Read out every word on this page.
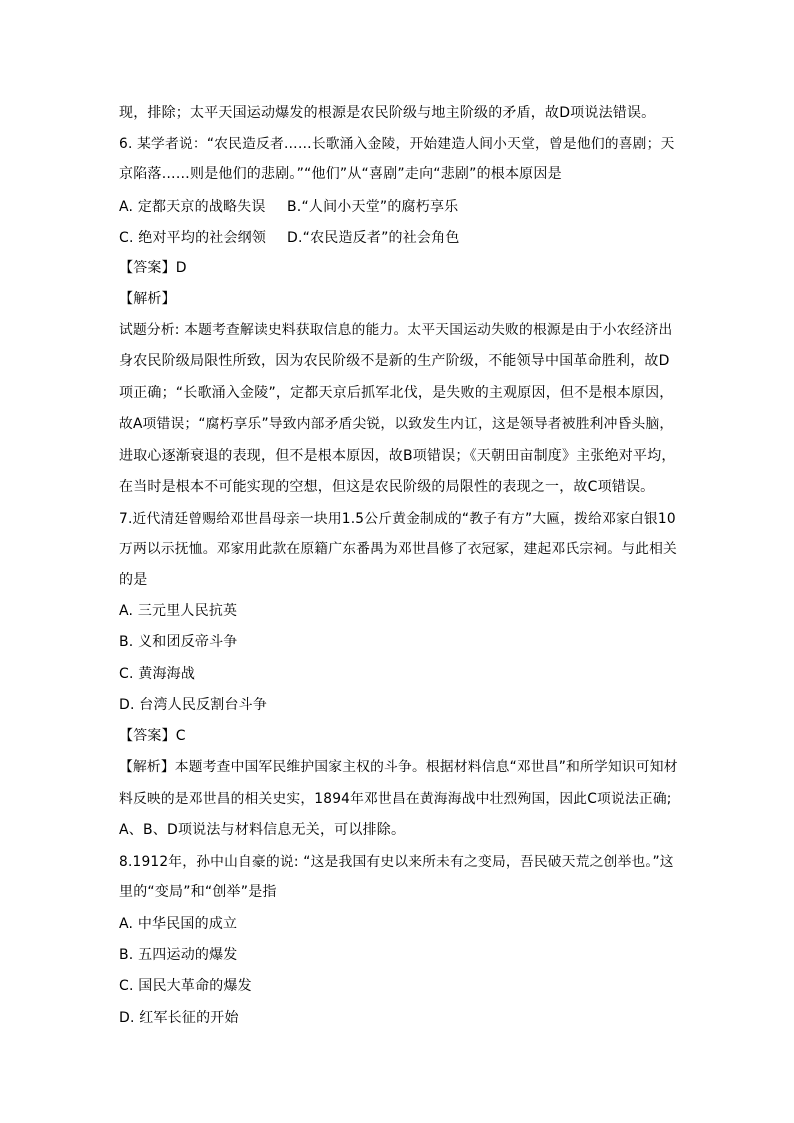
现，排除；太平天国运动爆发的根源是农民阶级与地主阶级的矛盾，故D项说法错误。
6. 某学者说：“农民造反者……长歌涌入金陵，开始建造人间小天堂，曾是他们的喜剧；天
京陷落……则是他们的悲剧。”“他们”从“喜剧”走向“悲剧”的根本原因是
A. 定都天京的战略失误 B.“人间小天堂”的腐朽享乐
C. 绝对平均的社会纲领 D.“农民造反者”的社会角色
【答案】D
【解析】
试题分析: 本题考查解读史料获取信息的能力。太平天国运动失败的根源是由于小农经济出
身农民阶级局限性所致，因为农民阶级不是新的生产阶级，不能领导中国革命胜利，故D
项正确；“长歌涌入金陵”，定都天京后抓军北伐，是失败的主观原因，但不是根本原因，
故A项错误；“腐朽享乐”导致内部矛盾尖锐，以致发生内讧，这是领导者被胜利冲昏头脑，
进取心逐渐衰退的表现，但不是根本原因，故B项错误；《天朝田亩制度》主张绝对平均，
在当时是根本不可能实现的空想，但这是农民阶级的局限性的表现之一，故C项错误。
7.近代清廷曾赐给邓世昌母亲一块用1.5公斤黄金制成的“教子有方”大匾，拨给邓家白银10
万两以示抚恤。邓家用此款在原籍广东番禺为邓世昌修了衣冠冢，建起邓氏宗祠。与此相关
的是
A. 三元里人民抗英
B. 义和团反帝斗争
C. 黄海海战
D. 台湾人民反割台斗争
【答案】C
【解析】本题考查中国军民维护国家主权的斗争。根据材料信息“邓世昌”和所学知识可知材
料反映的是邓世昌的相关史实，1894年邓世昌在黄海海战中壮烈殉国，因此C项说法正确;
A、B、D项说法与材料信息无关，可以排除。
8.1912年，孙中山自豪的说: “这是我国有史以来所未有之变局，吾民破天荒之创举也。”这
里的“变局”和“创举”是指
A. 中华民国的成立
B. 五四运动的爆发
C. 国民大革命的爆发
D. 红军长征的开始
